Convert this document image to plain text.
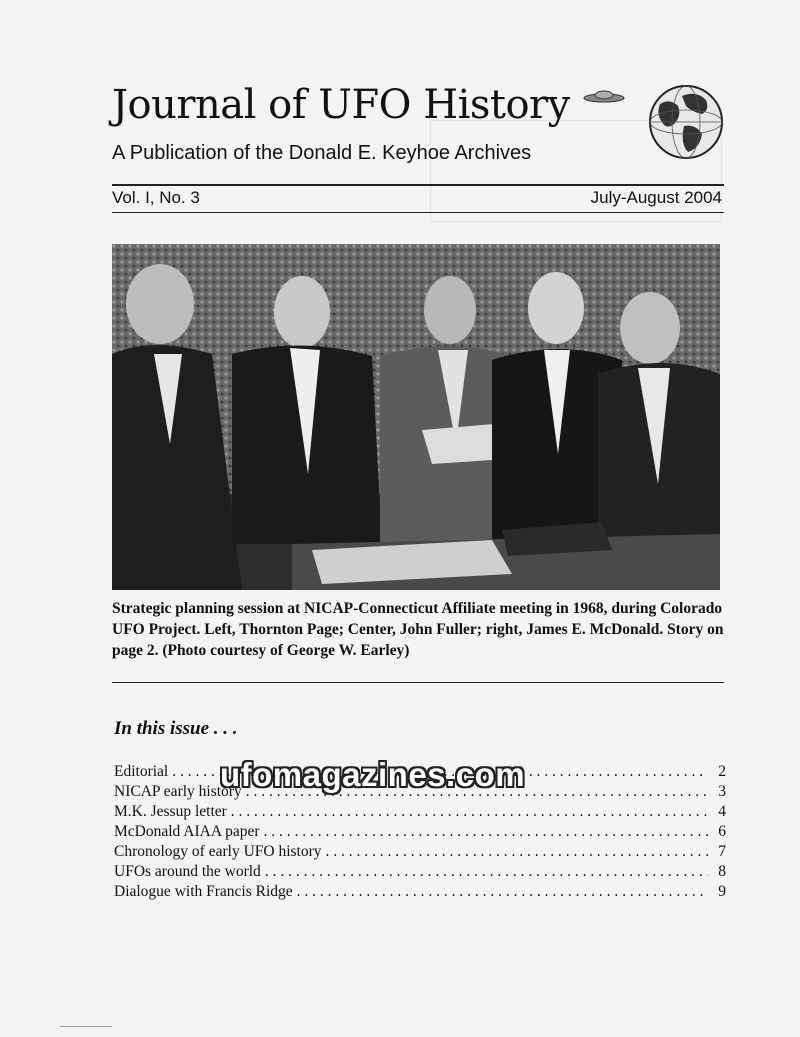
Journal of UFO History
A Publication of the Donald E. Keyhoe Archives
Vol. I, No. 3	July-August 2004
Strategic planning session at NICAP-Connecticut Affiliate meeting in 1968, during Colorado UFO Project. Left, Thornton Page; Center, John Fuller; right, James E. McDonald. Story on page 2. (Photo courtesy of George W. Earley)
In this issue . . .
Editorial . . .	2
NICAP early history . . .	3
M.K. Jessup letter . . .	4
McDonald AIAA paper . . .	6
Chronology of early UFO history . . .	7
UFOs around the world . . .	8
Dialogue with Francis Ridge . . .	9
ufomagazines.com
